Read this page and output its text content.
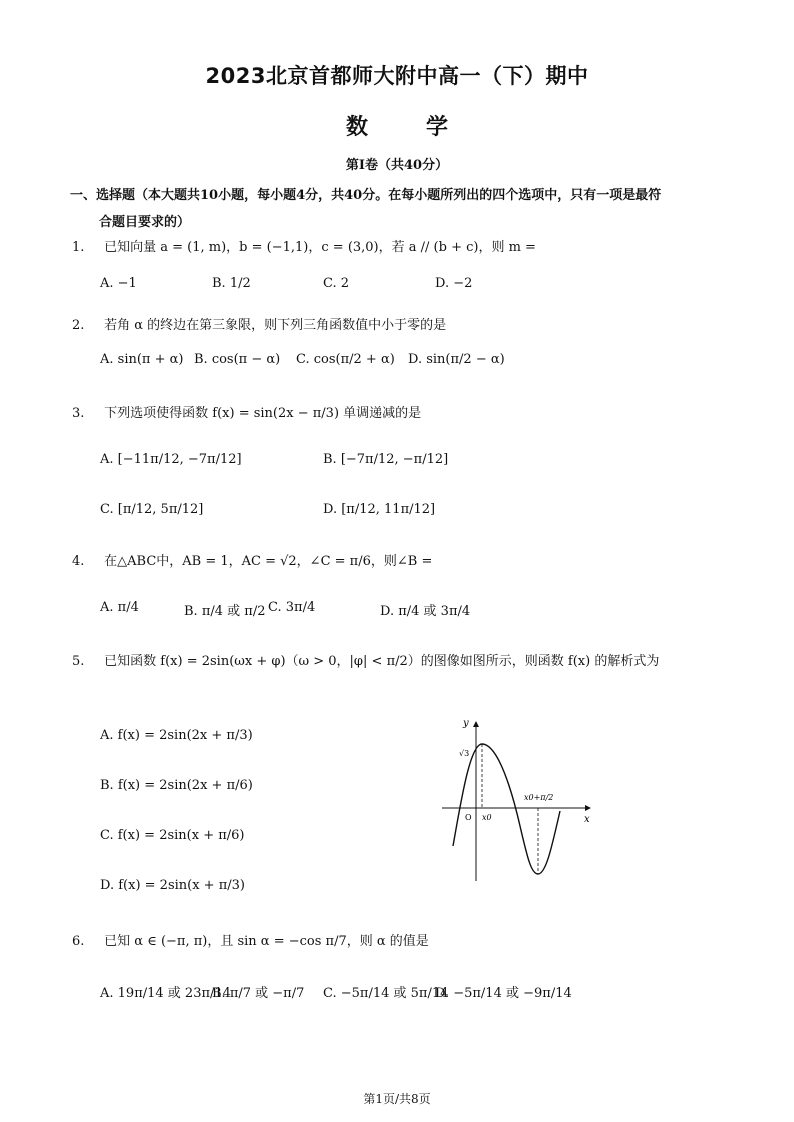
2023北京首都师大附中高一（下）期中
数学
第I卷（共40分）
一、选择题（本大题共10小题，每小题4分，共40分。在每小题所列出的四个选项中，只有一项是最符
合题目要求的）
1. 已知向量 a = (1, m)，b = (−1,1)，c = (3,0)，若 a // (b + c)，则 m =
A. −1	B. 1/2	C. 2	D. −2
2. 若角 α 的终边在第三象限，则下列三角函数值中小于零的是
A. sin(π + α) B. cos(π − α) C. cos(π/2 + α) D. sin(π/2 − α)
3. 下列选项使得函数 f(x) = sin(2x − π/3) 单调递减的是
A. [−11π/12, −7π/12]	B. [−7π/12, −π/12]
C. [π/12, 5π/12]	D. [π/12, 11π/12]
4. 在△ABC中，AB = 1，AC = √2，∠C = π/6，则∠B =
A. π/4	B. π/4 或 π/2 C. 3π/4	D. π/4 或 3π/4
5. 已知函数 f(x) = 2sin(ωx + φ)（ω > 0，|φ| < π/2）的图像如图所示，则函数 f(x) 的解析式为
A. f(x) = 2sin(2x + π/3)
B. f(x) = 2sin(2x + π/6)
C. f(x) = 2sin(x + π/6)
D. f(x) = 2sin(x + π/3)
y
x
O x0
√3
x0+π/2
6. 已知 α ∈ (−π, π)，且 sin α = −cos π/7，则 α 的值是
A. 19π/14 或 23π/14
B. π/7 或 −π/7 C. −5π/14 或 5π/14
D. −5π/14 或 −9π/14
第1页/共8页
